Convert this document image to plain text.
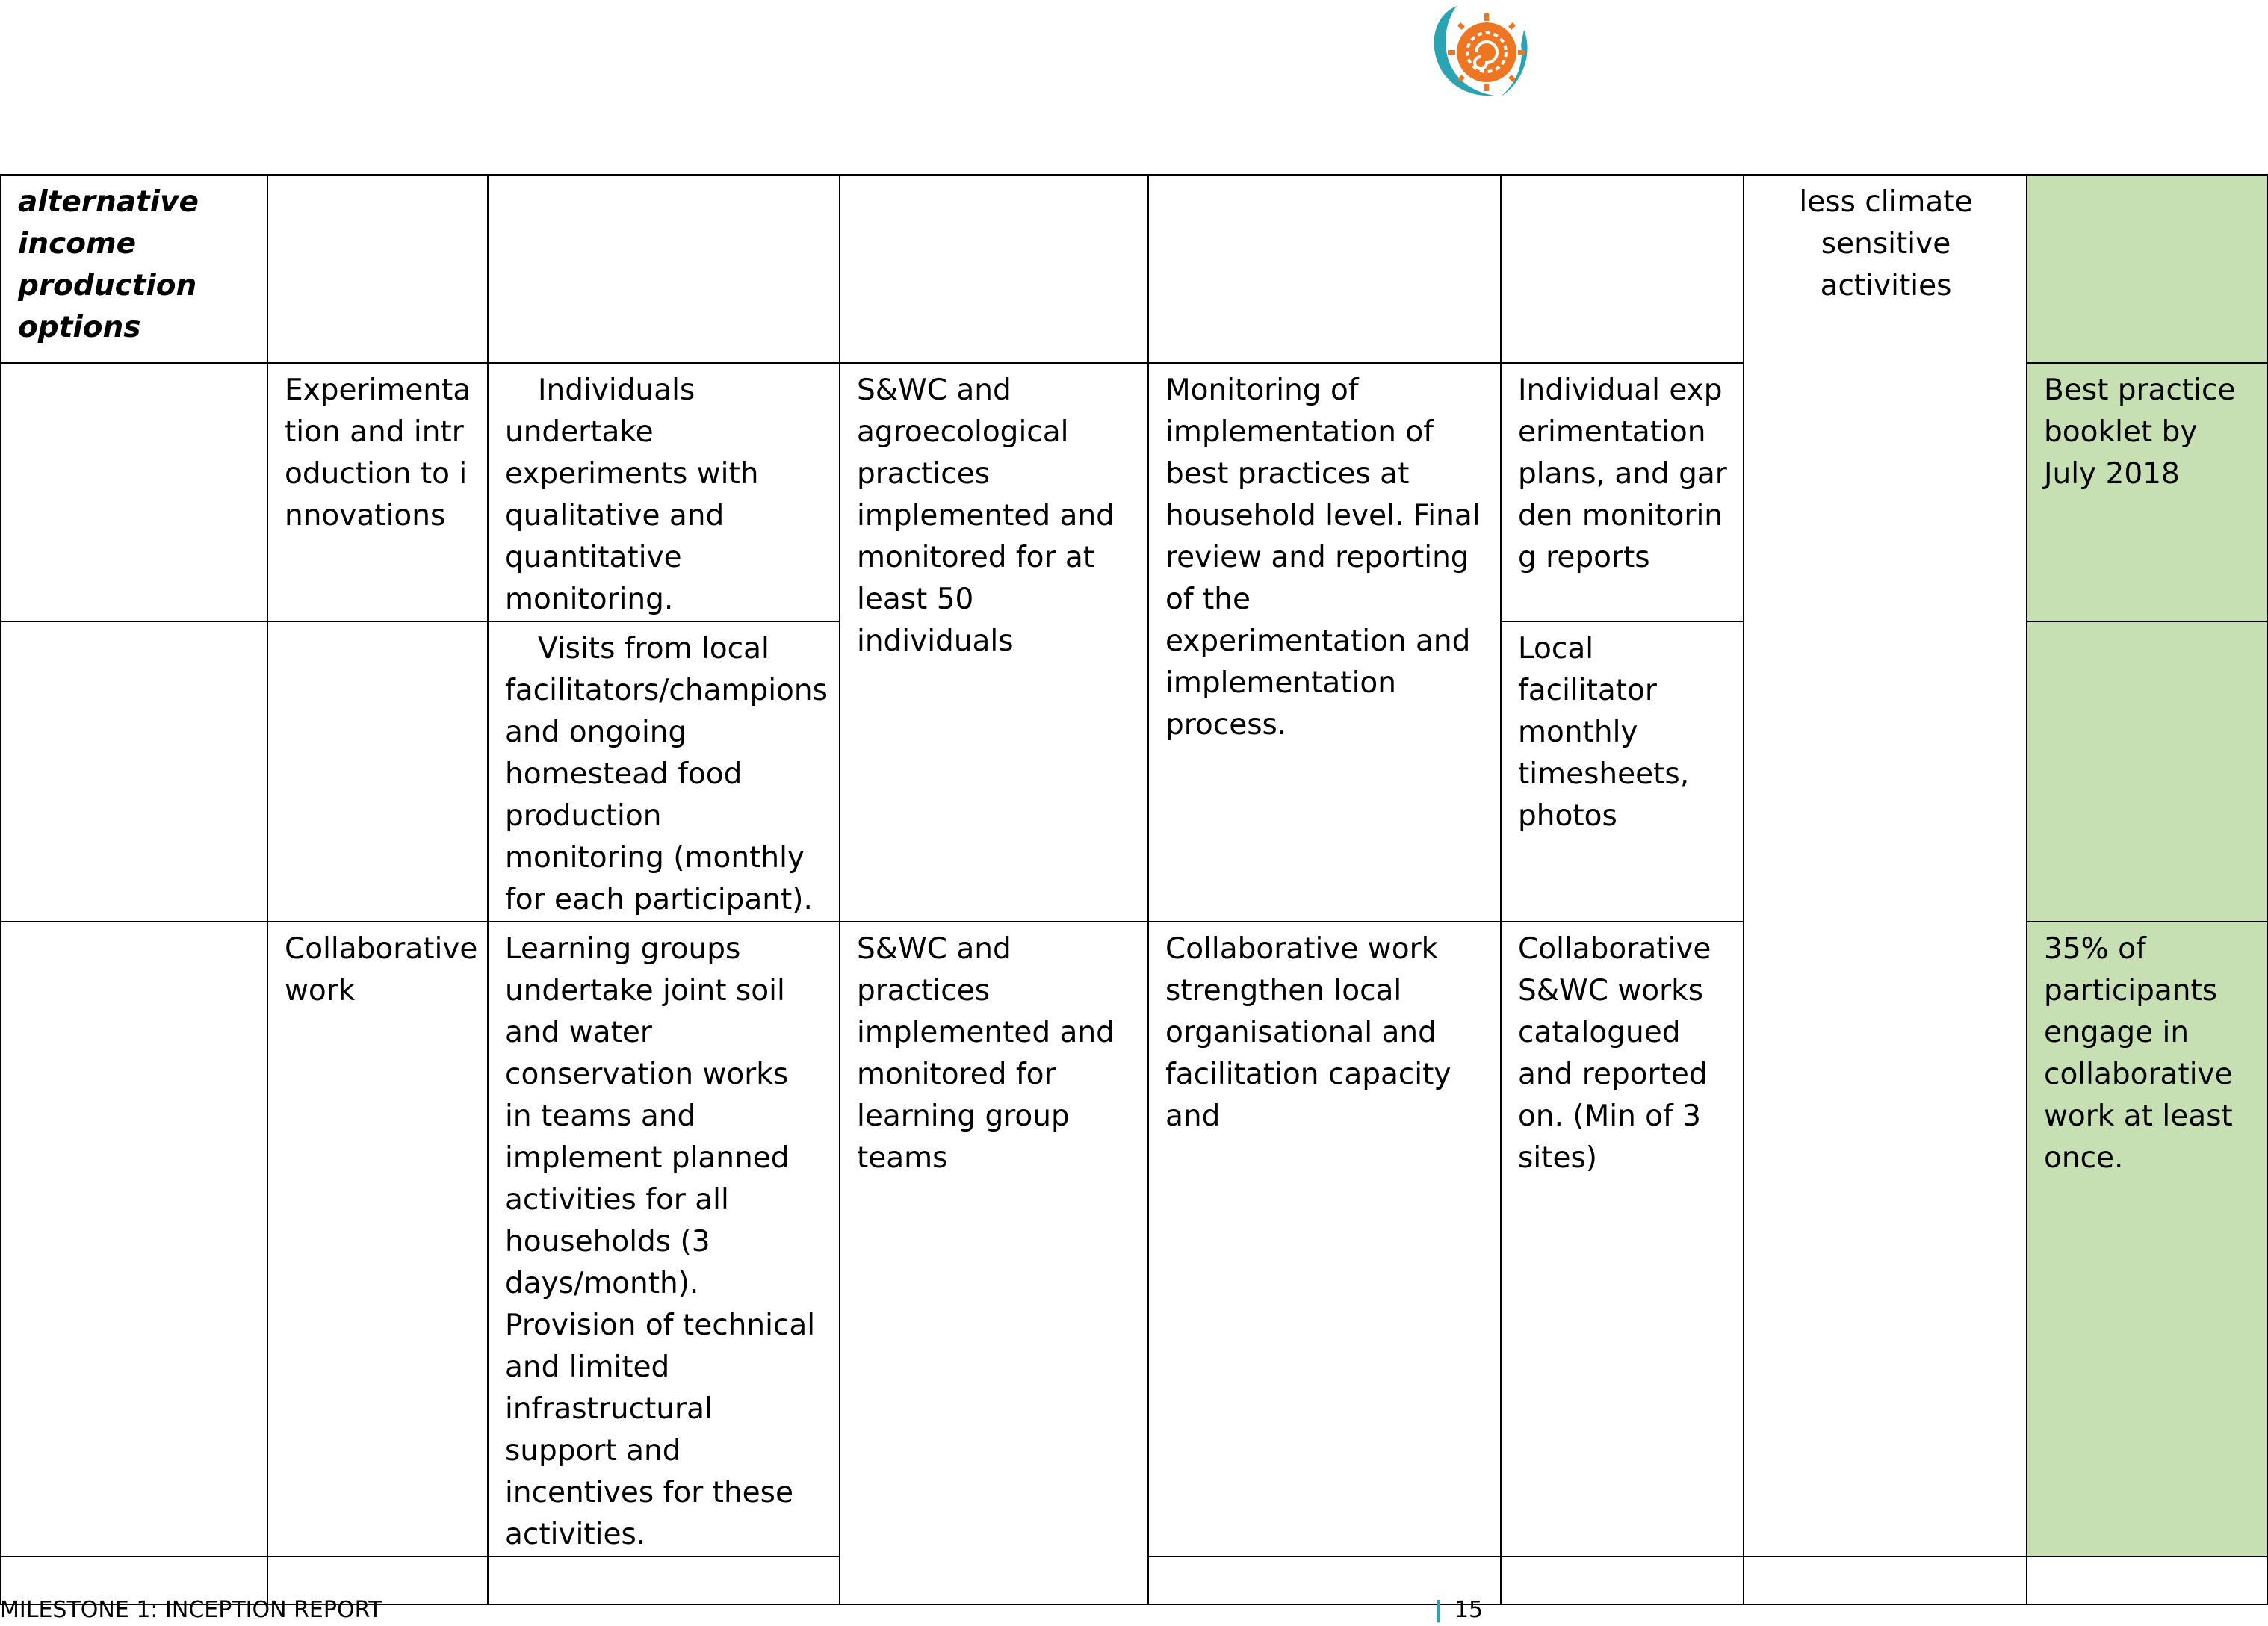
alternative income production options						less climate sensitive activities	
	Experimentation and introduction to innovations	Individuals undertake experiments with qualitative and quantitative monitoring.	S&WC and agroecological practices implemented and monitored for at least 50 individuals	Monitoring of implementation of best practices at household level. Final review and reporting of the experimentation and implementation process.	Individual experimentation plans, and garden monitoring reports		Best practice booklet by July 2018
		Visits from local facilitators/champions and ongoing homestead food production monitoring (monthly for each participant).			Local facilitator monthly timesheets, photos		
	Collaborative work	Learning groups undertake joint soil and water conservation works in teams and implement planned activities for all households (3 days/month). Provision of technical and limited infrastructural support and incentives for these activities.	S&WC and practices implemented and monitored for learning group teams	Collaborative work strengthen local organisational and facilitation capacity and	Collaborative S&WC works catalogued and reported on. (Min of 3 sites)		35% of participants engage in collaborative work at least once.

MILESTONE 1: INCEPTION REPORT	| 15
